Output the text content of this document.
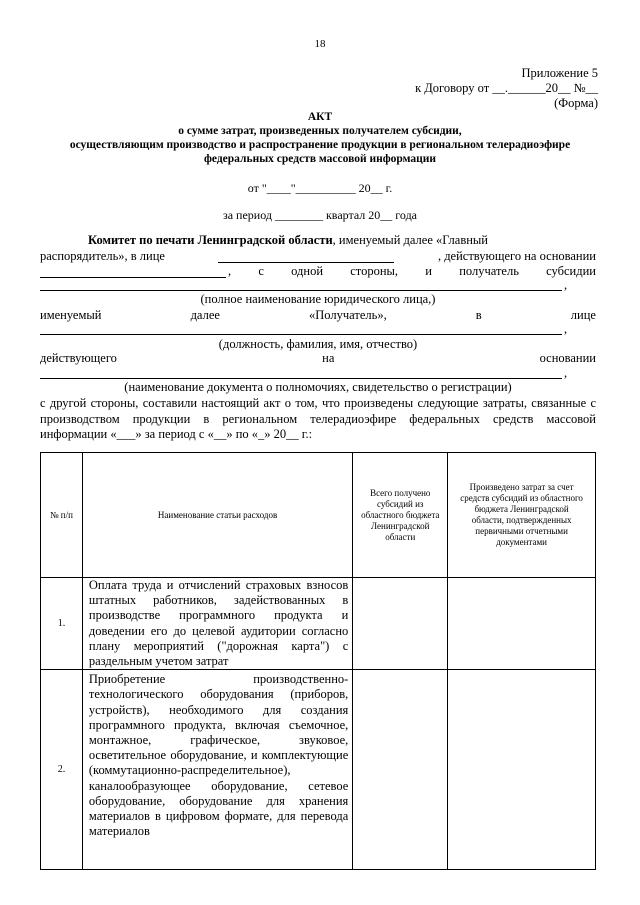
18
Приложение 5
к Договору от __.______20__ №__
(Форма)
АКТ
о сумме затрат, произведенных получателем субсидии,
осуществляющим производство и распространение продукции в региональном телерадиоэфире
федеральных средств массовой информации
от "____"__________ 20__ г.
за период ________ квартал 20__ года
Комитет по печати Ленинградской области, именуемый далее «Главный
распорядитель», в лице	, действующего на основании
, с одной стороны, и получатель субсидии
,
(полное наименование юридического лица,)
именуемый	далее	«Получатель»,	в	лице
,
(должность, фамилия, имя, отчество)
действующего	на	основании
,
(наименование документа о полномочиях, свидетельство о регистрации)
с другой стороны, составили настоящий акт о том, что произведены следующие затраты, связанные с производством продукции в региональном телерадиоэфире федеральных средств массовой информации «___» за период с «__» по «_» 20__ г.:
№ п/п	Наименование статьи расходов	Всего получено субсидий из областного бюджета Ленинградской области	Произведено затрат за счет средств субсидий из областного бюджета Ленинградской области, подтвержденных первичными отчетными документами
1.	Оплата труда и отчислений страховых взносов штатных работников, задействованных в производстве программного продукта и доведении его до целевой аудитории согласно плану мероприятий ("дорожная карта") с раздельным учетом затрат		
2.	Приобретение производственно-технологического оборудования (приборов, устройств), необходимого для создания программного продукта, включая съемочное, монтажное, графическое, звуковое, осветительное оборудование, и комплектующие (коммутационно-распределительное), каналообразующее оборудование, сетевое оборудование, оборудование для хранения материалов в цифровом формате, для перевода материалов		
